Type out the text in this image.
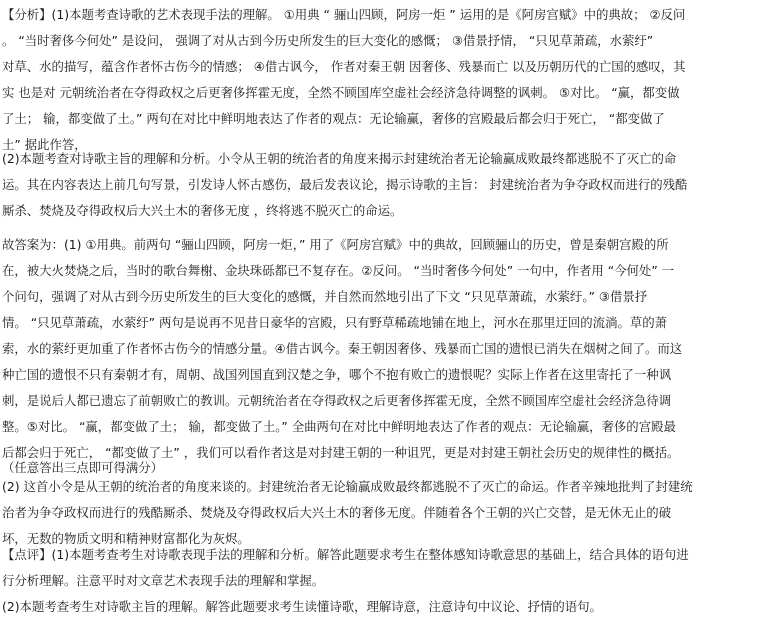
【分析】(1)本题考查诗歌的艺术表现手法的理解。 ①用典 “ 骊山四顾，阿房一炬 ” 运用的是《阿房宫赋》中的典故； ②反问
。 “当时奢侈今何处” 是设问， 强调了对从古到今历史所发生的巨大变化的感慨； ③借景抒情， “只见草萧疏，水萦纡”
对草、水的描写，蕴含作者怀古伤今的情感； ④借古讽今， 作者对秦王朝 因奢侈、残暴而亡 以及历朝历代的亡国的感叹，其
实 也是对 元朝统治者在夺得政权之后更奢侈挥霍无度，全然不顾国库空虚社会经济急待调整的讽刺。 ⑤对比。 “赢，都变做
了土； 输，都变做了土。” 两句在对比中鲜明地表达了作者的观点：无论输赢，奢侈的宫殿最后都会归于死亡， “都变做了
土” 据此作答，
(2)本题考查对诗歌主旨的理解和分析。小令从王朝的统治者的角度来揭示封建统治者无论输赢成败最终都逃脱不了灭亡的命
运。其在内容表达上前几句写景，引发诗人怀古感伤，最后发表议论，揭示诗歌的主旨： 封建统治者为争夺政权而进行的残酷
厮杀、焚烧及夺得政权后大兴土木的奢侈无度 ，终将逃不脱灭亡的命运。
故答案为：(1) ①用典。前两句 “骊山四顾，阿房一炬，” 用了《阿房宫赋》中的典故，回顾骊山的历史，曾是秦朝宫殿的所
在，被大火焚烧之后，当时的歌台舞榭、金块珠砾都已不复存在。②反问。 “当时奢侈今何处” 一句中，作者用 “今何处” 一
个问句，强调了对从古到今历史所发生的巨大变化的感慨，并自然而然地引出了下文 “只见草萧疏，水萦纡。” ③借景抒
情。 “只见草萧疏，水萦纡” 两句是说再不见昔日豪华的宫殿，只有野草稀疏地铺在地上，河水在那里迂回的流淌。草的萧
索，水的萦纡更加重了作者怀古伤今的情感分量。④借古讽今。秦王朝因奢侈、残暴而亡国的遗恨已消失在烟树之间了。而这
种亡国的遗恨不只有秦朝才有，周朝、战国列国直到汉楚之争，哪个不抱有败亡的遗恨呢？实际上作者在这里寄托了一种讽
刺，是说后人都已遗忘了前朝败亡的教训。元朝统治者在夺得政权之后更奢侈挥霍无度，全然不顾国库空虚社会经济急待调
整。⑤对比。 “赢，都变做了土； 输，都变做了土。” 全曲两句在对比中鲜明地表达了作者的观点：无论输赢，奢侈的宫殿最
后都会归于死亡， “都变做了土” ，我们可以看作者这是对封建王朝的一种诅咒，更是对封建王朝社会历史的规律性的概括。
（任意答出三点即可得满分）
(2) 这首小令是从王朝的统治者的角度来谈的。封建统治者无论输赢成败最终都逃脱不了灭亡的命运。作者辛辣地批判了封建统
治者为争夺政权而进行的残酷厮杀、焚烧及夺得政权后大兴土木的奢侈无度。伴随着各个王朝的兴亡交替，是无休无止的破
坏，无数的物质文明和精神财富都化为灰烬。
【点评】(1)本题考查考生对诗歌表现手法的理解和分析。解答此题要求考生在整体感知诗歌意思的基础上，结合具体的语句进
行分析理解。注意平时对文章艺术表现手法的理解和掌握。
(2)本题考查考生对诗歌主旨的理解。解答此题要求考生读懂诗歌，理解诗意，注意诗句中议论、抒情的语句。
